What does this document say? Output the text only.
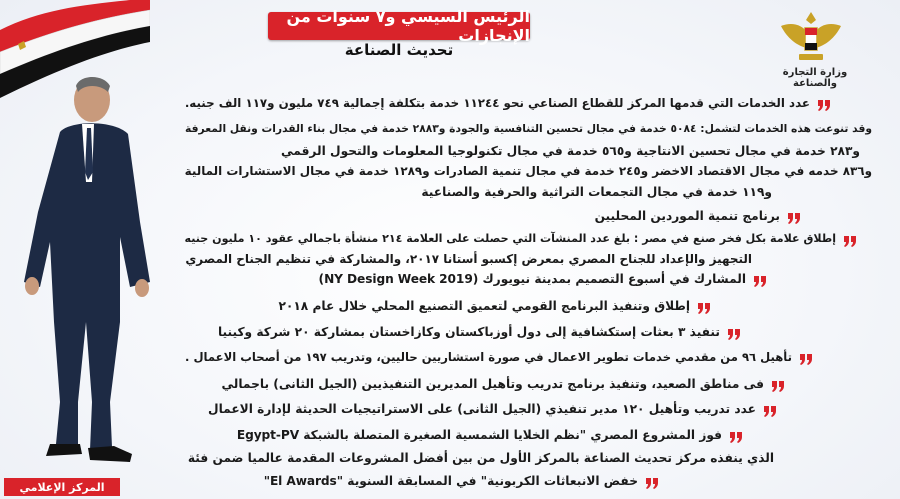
الرئيس السيسي و٧ سنوات من الإنجازات
تحديث الصناعة
وزارة التجارة والصناعة
عدد الخدمات التي قدمها المركز للقطاع الصناعي نحو ١١٢٤٤ خدمة بتكلفة إجمالية ٧٤٩ مليون و١١٧ الف جنيه.
وقد تنوعت هذه الخدمات لتشمل: ٥٠٨٤ خدمة في مجال تحسين التنافسية والجودة و٢٨٨٣ خدمة في مجال بناء القدرات ونقل المعرفة
و٢٨٣ خدمة في مجال تحسين الانتاجية و٥٦٥ خدمة في مجال تكنولوجيا المعلومات والتحول الرقمي
و٨٣٦ خدمه في مجال الاقتصاد الاخضر و٢٤٥ خدمة في مجال تنمية الصادرات و١٢٨٩ خدمة في مجال الاستشارات المالية
و١١٩ خدمة في مجال التجمعات التراثية والحرفية والصناعية
برنامج تنمية الموردين المحليين
إطلاق علامة بكل فخر صنع في مصر : بلغ عدد المنشآت التي حصلت على العلامة ٢١٤ منشأة باجمالي عقود ١٠ مليون جنيه
التجهيز والإعداد للجناح المصري بمعرض إكسبو أستانا ٢٠١٧، والمشاركة في تنظيم الجناح المصري
المشارك في أسبوع التصميم بمدينة نيويورك (NY Design Week 2019)
إطلاق وتنفيذ البرنامج القومي لتعميق التصنيع المحلي خلال عام ٢٠١٨
تنفيذ ٣ بعثات إستكشافية إلى دول أوزباكستان وكازاخستان بمشاركة ٢٠ شركة وكينيا
تأهيل ٩٦ من مقدمي خدمات تطوير الاعمال في صورة استشاريين حاليين، وتدريب ١٩٧ من أصحاب الاعمال .
فى مناطق الصعيد، وتنفيذ برنامج تدريب وتأهيل المديرين التنفيذيين (الجيل الثانى) باجمالي
عدد تدريب وتأهيل ١٢٠ مدير تنفيذي (الجيل الثانى) على الاستراتيجيات الحديثة لإدارة الاعمال
فوز المشروع المصري "نظم الخلايا الشمسية الصغيرة المتصلة بالشبكة Egypt-PV
الذي ينفذه مركز تحديث الصناعة بالمركز الأول من بين أفضل المشروعات المقدمة عالميا ضمن فئة
خفض الانبعاثات الكربونية" في المسابقة السنوية "El Awards"
المركز الإعلامي
